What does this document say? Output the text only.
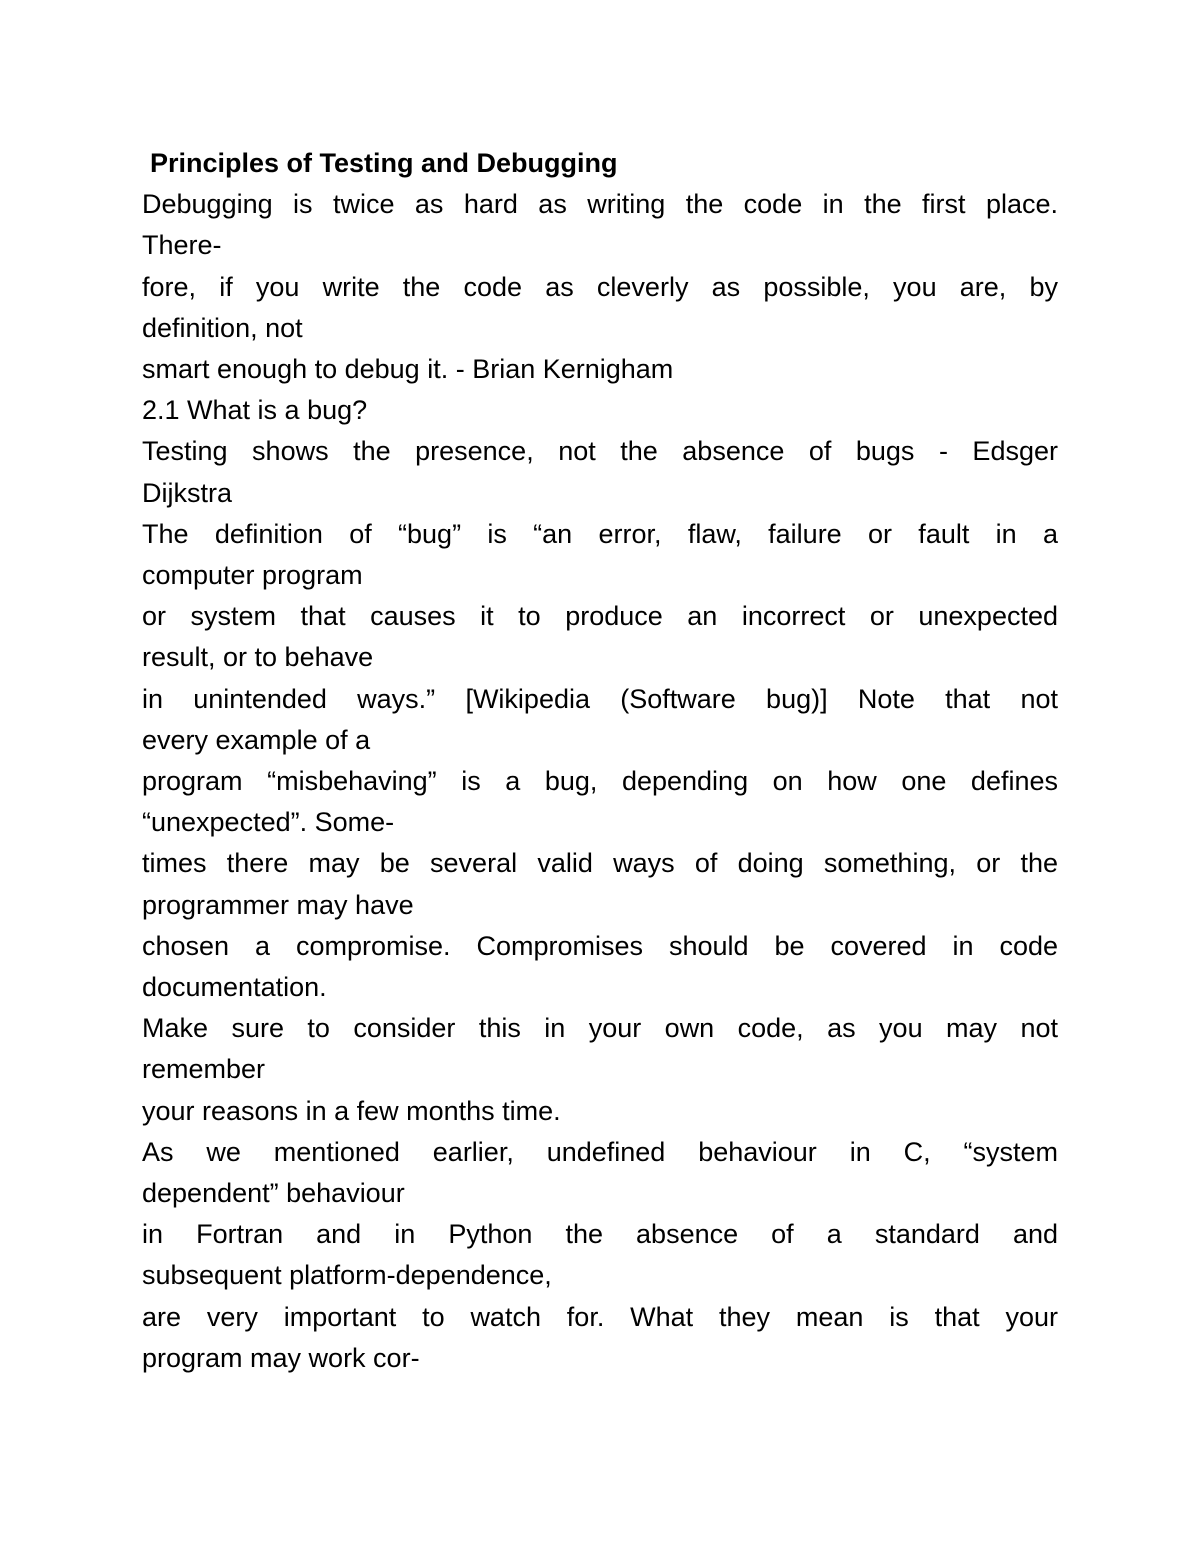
Principles of Testing and Debugging

Debugging is twice as hard as writing the code in the first place.

There-

fore, if you write the code as cleverly as possible, you are, by

definition, not

smart enough to debug it. - Brian Kernigham

2.1 What is a bug?

Testing shows the presence, not the absence of bugs - Edsger

Dijkstra

The definition of “bug” is “an error, flaw, failure or fault in a

computer program

or system that causes it to produce an incorrect or unexpected

result, or to behave

in unintended ways.” [Wikipedia (Software bug)] Note that not

every example of a

program “misbehaving” is a bug, depending on how one defines

“unexpected”. Some-

times there may be several valid ways of doing something, or the

programmer may have

chosen a compromise. Compromises should be covered in code

documentation.

Make sure to consider this in your own code, as you may not

remember

your reasons in a few months time.

As we mentioned earlier, undefined behaviour in C, “system

dependent” behaviour

in Fortran and in Python the absence of a standard and

subsequent platform-dependence,

are very important to watch for. What they mean is that your

program may work cor-
